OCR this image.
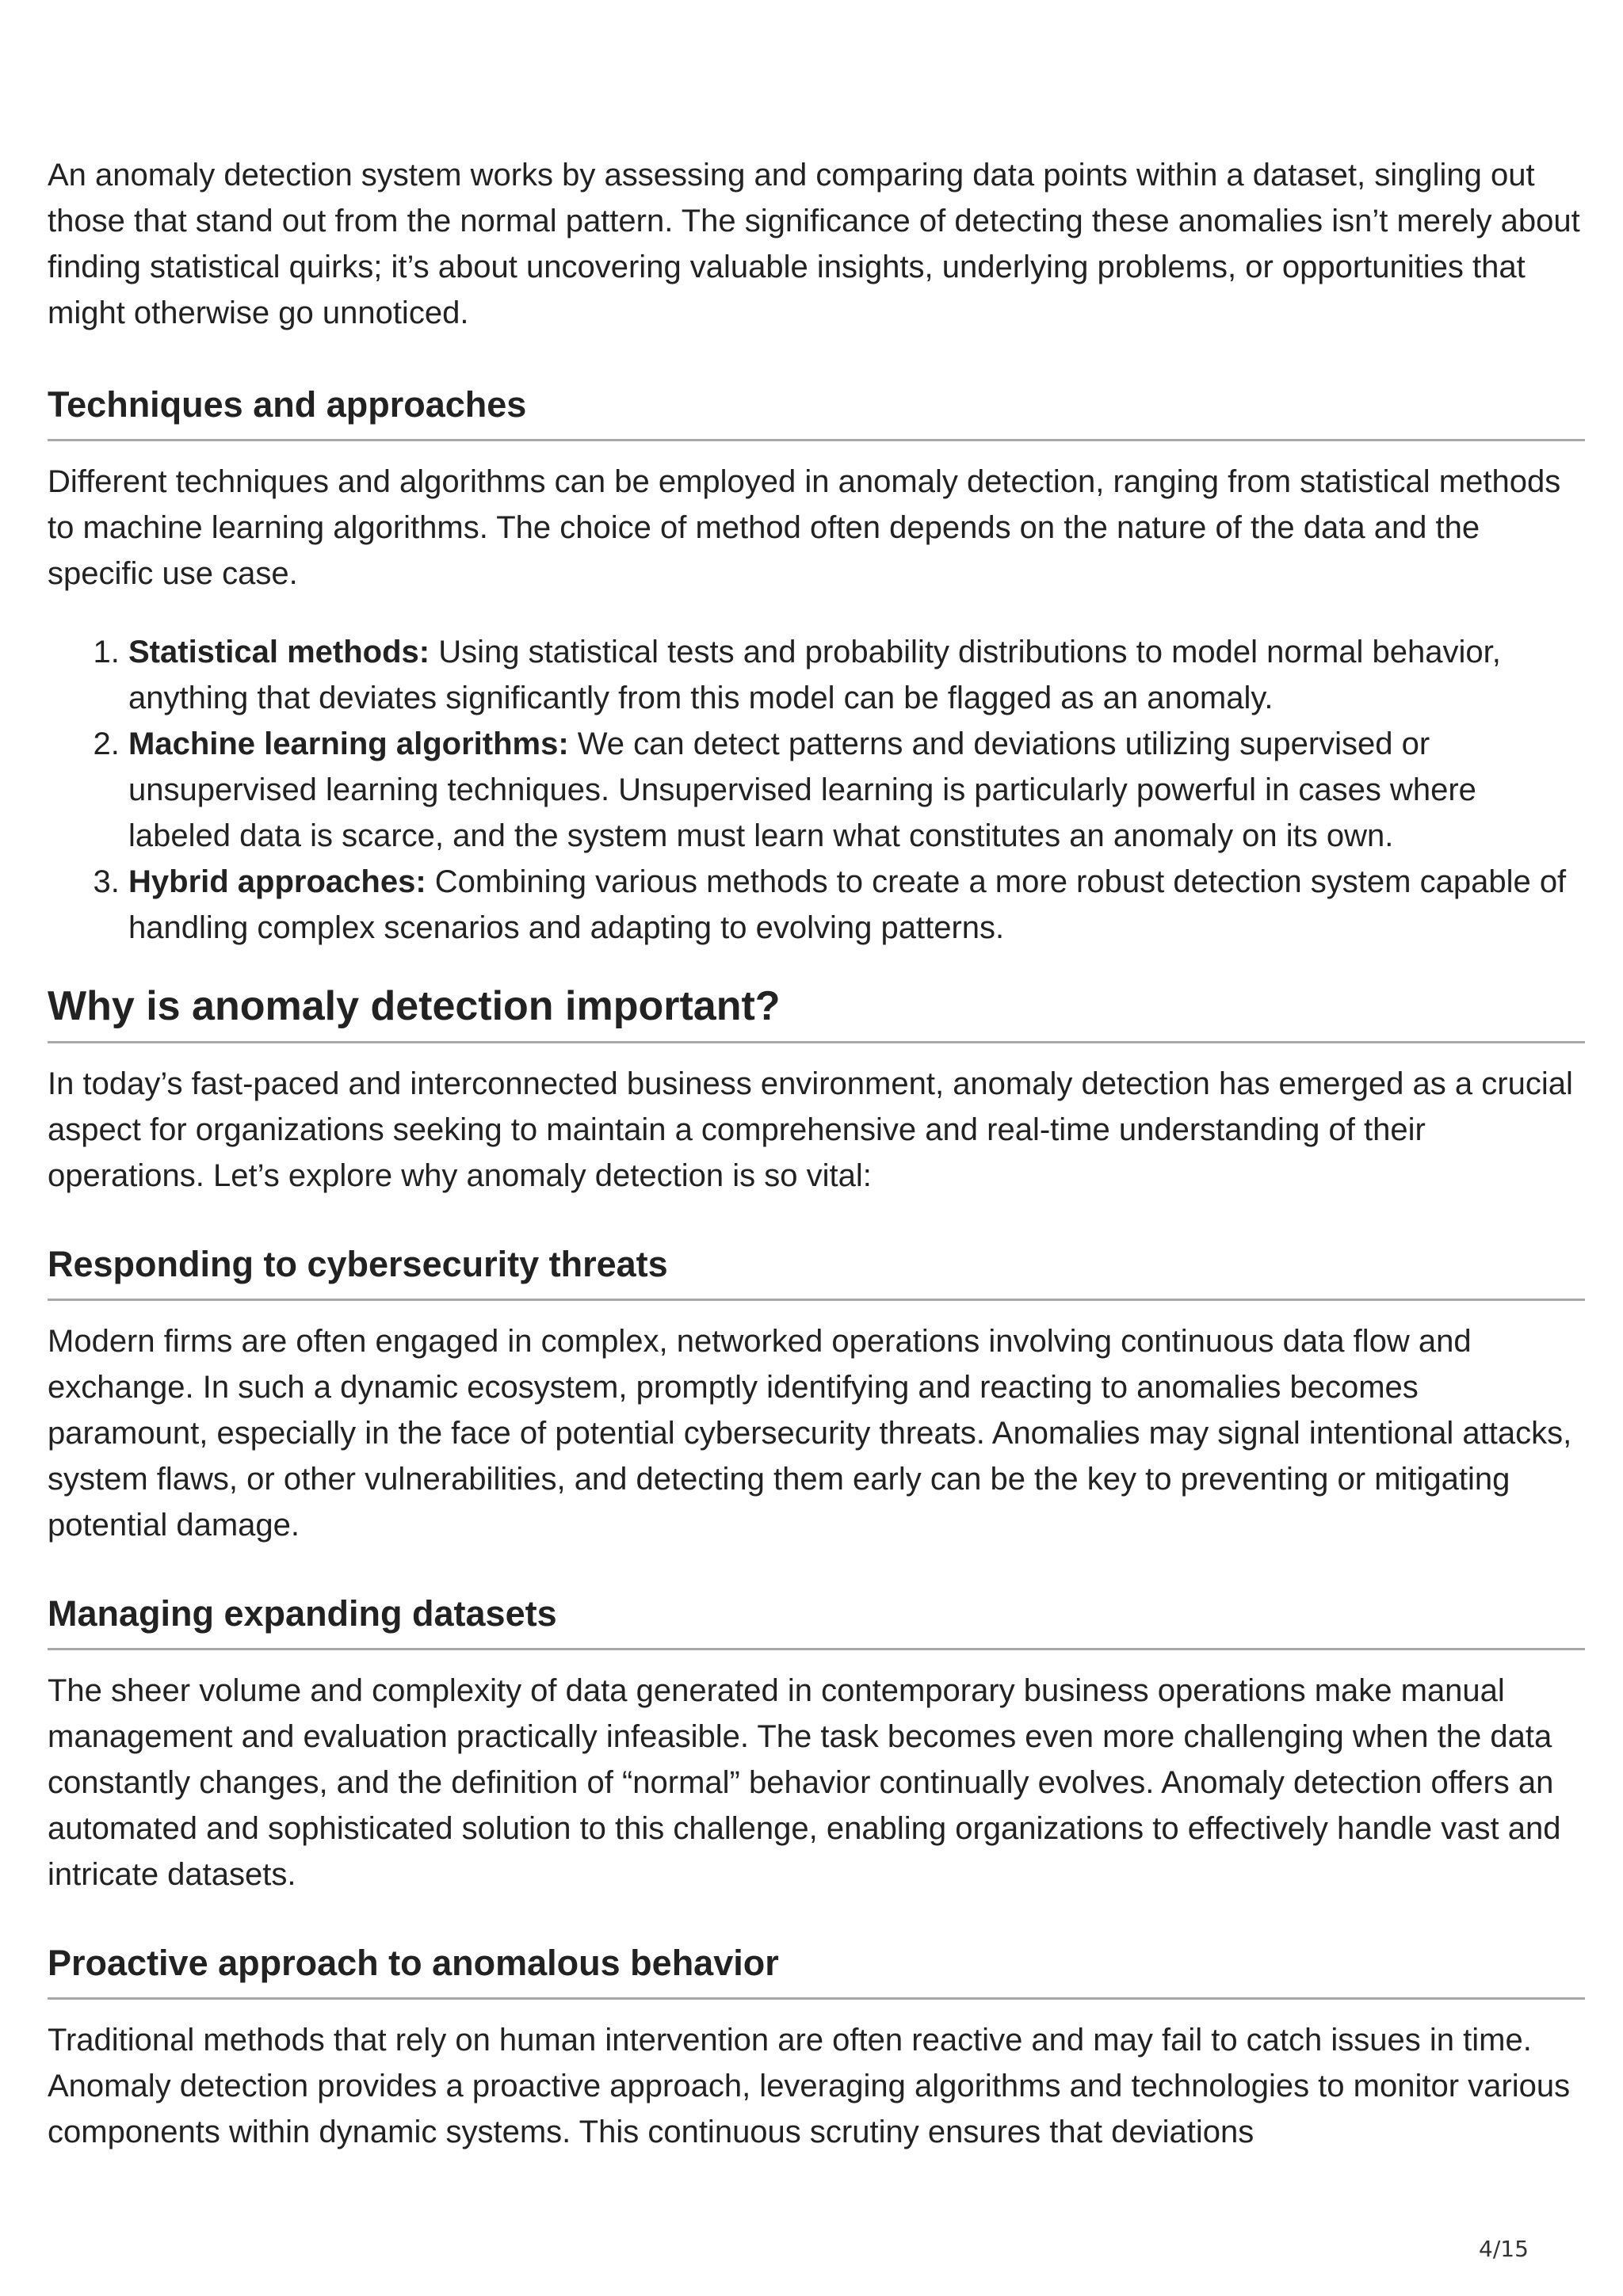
An anomaly detection system works by assessing and comparing data points within a dataset, singling out those that stand out from the normal pattern. The significance of detecting these anomalies isn’t merely about finding statistical quirks; it’s about uncovering valuable insights, underlying problems, or opportunities that might otherwise go unnoticed.

Techniques and approaches

Different techniques and algorithms can be employed in anomaly detection, ranging from statistical methods to machine learning algorithms. The choice of method often depends on the nature of the data and the specific use case.

1. Statistical methods: Using statistical tests and probability distributions to model normal behavior, anything that deviates significantly from this model can be flagged as an anomaly.
2. Machine learning algorithms: We can detect patterns and deviations utilizing supervised or unsupervised learning techniques. Unsupervised learning is particularly powerful in cases where labeled data is scarce, and the system must learn what constitutes an anomaly on its own.
3. Hybrid approaches: Combining various methods to create a more robust detection system capable of handling complex scenarios and adapting to evolving patterns.
Why is anomaly detection important?

In today’s fast-paced and interconnected business environment, anomaly detection has emerged as a crucial aspect for organizations seeking to maintain a comprehensive and real-time understanding of their operations. Let’s explore why anomaly detection is so vital:

Responding to cybersecurity threats

Modern firms are often engaged in complex, networked operations involving continuous data flow and exchange. In such a dynamic ecosystem, promptly identifying and reacting to anomalies becomes paramount, especially in the face of potential cybersecurity threats. Anomalies may signal intentional attacks, system flaws, or other vulnerabilities, and detecting them early can be the key to preventing or mitigating potential damage.

Managing expanding datasets

The sheer volume and complexity of data generated in contemporary business operations make manual management and evaluation practically infeasible. The task becomes even more challenging when the data constantly changes, and the definition of “normal” behavior continually evolves. Anomaly detection offers an automated and sophisticated solution to this challenge, enabling organizations to effectively handle vast and intricate datasets.

Proactive approach to anomalous behavior

Traditional methods that rely on human intervention are often reactive and may fail to catch issues in time. Anomaly detection provides a proactive approach, leveraging algorithms and technologies to monitor various components within dynamic systems. This continuous scrutiny ensures that deviations

4/15
